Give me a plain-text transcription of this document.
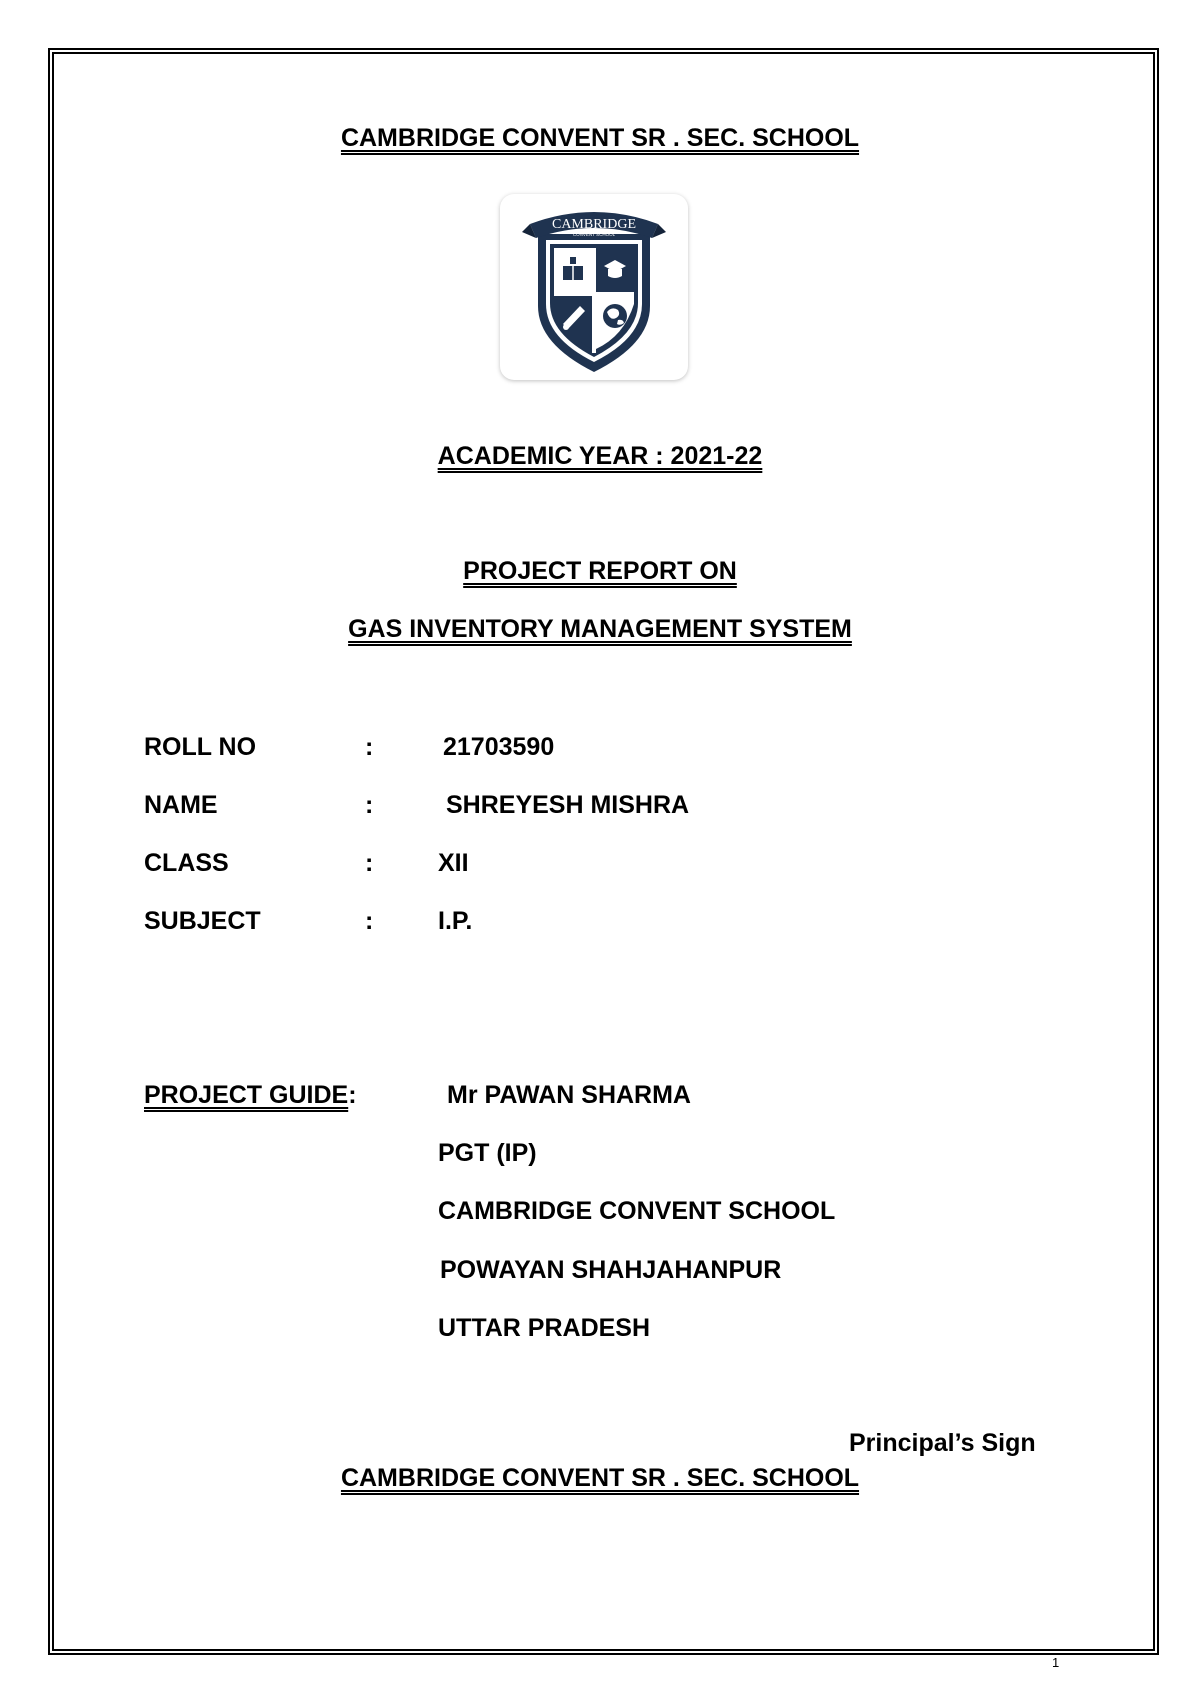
CAMBRIDGE CONVENT SR . SEC. SCHOOL
CAMBRIDGE
CONVENT SCHOOL
ACADEMIC YEAR : 2021-22
PROJECT REPORT ON
GAS INVENTORY MANAGEMENT SYSTEM
ROLL NO	:	21703590
NAME	:	SHREYESH MISHRA
CLASS	:	XII
SUBJECT	:	I.P.
PROJECT GUIDE:	Mr PAWAN SHARMA
PGT (IP)
CAMBRIDGE CONVENT SCHOOL
POWAYAN SHAHJAHANPUR
UTTAR PRADESH
Principal’s Sign
CAMBRIDGE CONVENT SR . SEC. SCHOOL
1
